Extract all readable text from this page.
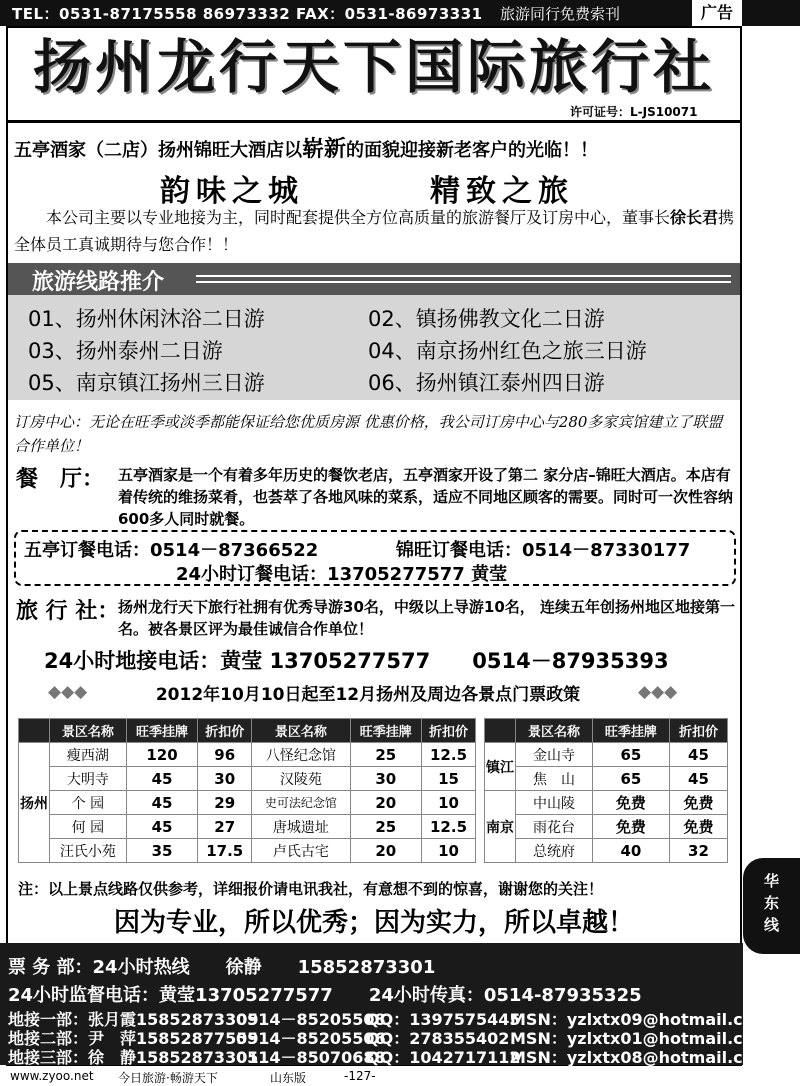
TEL：0531-87175558 86973332 FAX：0531-86973331 旅游同行免费索刊	广告
扬州龙行天下国际旅行社
许可证号：L-JS10071
五亭酒家（二店）扬州锦旺大酒店以崭新的面貌迎接新老客户的光临！！
韵味之城	精致之旅
本公司主要以专业地接为主，同时配套提供全方位高质量的旅游餐厅及订房中心，董事长徐长君携全体员工真诚期待与您合作！！
旅游线路推介
01、扬州休闲沐浴二日游	02、镇扬佛教文化二日游
03、扬州泰州二日游	04、南京扬州红色之旅三日游
05、南京镇江扬州三日游	06、扬州镇江泰州四日游
订房中心：无论在旺季或淡季都能保证给您优质房源 优惠价格，我公司订房中心与280多家宾馆建立了联盟合作单位！
餐　厅： 五亭酒家是一个有着多年历史的餐饮老店，五亭酒家开设了第二 家分店–锦旺大酒店。本店有着传统的维扬菜肴，也荟萃了各地风味的菜系，适应不同地区顾客的需要。同时可一次性容纳600多人同时就餐。
五亭订餐电话：0514－87366522	锦旺订餐电话：0514－87330177
24小时订餐电话：13705277577 黄莹
旅 行 社：
扬州龙行天下旅行社拥有优秀导游30名，中级以上导游10名， 连续五年创扬州地区地接第一名。被各景区评为最佳诚信合作单位！
24小时地接电话：黄莹 13705277577　　0514－87935393
◆◆◆	2012年10月10日起至12月扬州及周边各景点门票政策	◆◆◆
	景区名称	旺季挂牌	折扣价	景区名称	旺季挂牌	折扣价
扬州	瘦西湖	120	96	八怪纪念馆	25	12.5
	大明寺	45	30	汉陵苑	30	15
	个 园	45	29	史可法纪念馆	20	10
	何 园	45	27	唐城遗址	25	12.5
	汪氏小苑	35	17.5	卢氏古宅	20	10
	景区名称	旺季挂牌	折扣价
镇江	金山寺	65	45
	焦　山	65	45
南京	中山陵	免费	免费
	雨花台	免费	免费
	总统府	40	32
注：以上景点线路仅供参考，详细报价请电讯我社，有意想不到的惊喜，谢谢您的关注！
因为专业，所以优秀；因为实力，所以卓越！
票 务 部：24小时热线　　徐静　　15852873301
24小时监督电话：黄莹13705277577　　24小时传真：0514-87935325
地接一部：张月霞15852873309
0514－85205508
QQ：1397575445
MSN：yzlxtx09@hotmail.com
地接二部：尹　萍15852877559
0514－85205506
QQ：278355402 MSN：yzlxtx01@hotmail.com
地接三部：徐　静15852873301
0514－85070688
QQ：1042717112
MSN：yzlxtx08@hotmail.com
华
东
线
www.zyoo.net 今日旅游·畅游天下	山东版	-127-
